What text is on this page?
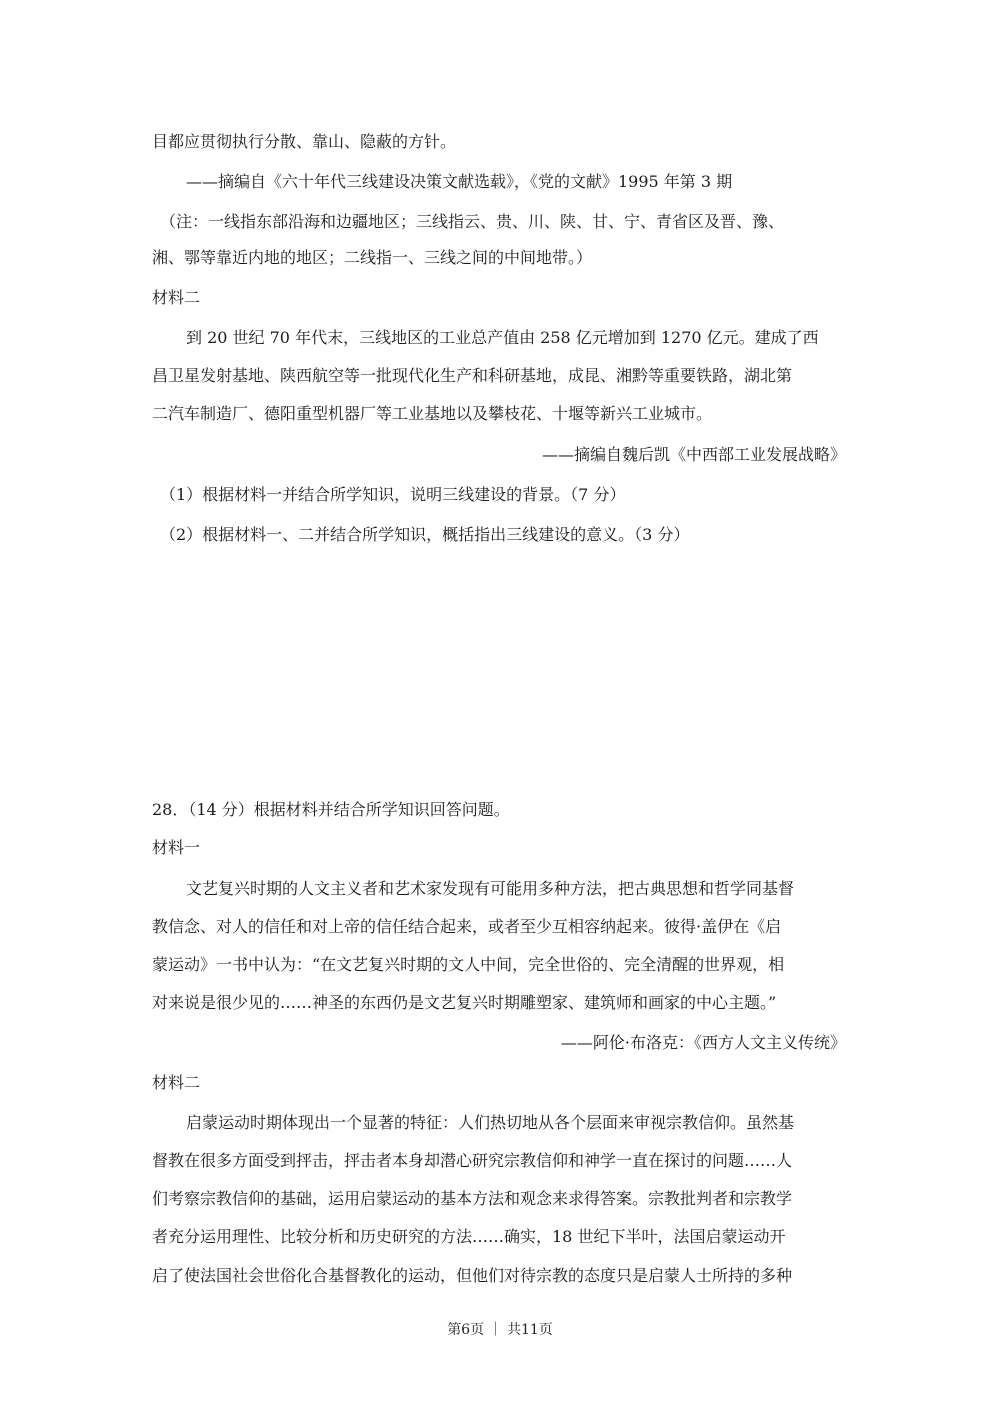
目都应贯彻执行分散、靠山、隐蔽的方针。
——摘编自《六十年代三线建设决策文献选载》，《党的文献》1995 年第 3 期
（注：一线指东部沿海和边疆地区；三线指云、贵、川、陕、甘、宁、青省区及晋、豫、
湘、鄂等靠近内地的地区；二线指一、三线之间的中间地带。）
材料二
到 20 世纪 70 年代末，三线地区的工业总产值由 258 亿元增加到 1270 亿元。建成了西
昌卫星发射基地、陕西航空等一批现代化生产和科研基地，成昆、湘黔等重要铁路，湖北第
二汽车制造厂、德阳重型机器厂等工业基地以及攀枝花、十堰等新兴工业城市。
——摘编自魏后凯《中西部工业发展战略》
（1）根据材料一并结合所学知识，说明三线建设的背景。（7 分）
（2）根据材料一、二并结合所学知识，概括指出三线建设的意义。（3 分）
28．（14 分）根据材料并结合所学知识回答问题。
材料一
文艺复兴时期的人文主义者和艺术家发现有可能用多种方法，把古典思想和哲学同基督
教信念、对人的信任和对上帝的信任结合起来，或者至少互相容纳起来。彼得·盖伊在《启
蒙运动》一书中认为：“在文艺复兴时期的文人中间，完全世俗的、完全清醒的世界观，相
对来说是很少见的……神圣的东西仍是文艺复兴时期雕塑家、建筑师和画家的中心主题。”
——阿伦·布洛克：《西方人文主义传统》
材料二
启蒙运动时期体现出一个显著的特征：人们热切地从各个层面来审视宗教信仰。虽然基
督教在很多方面受到抨击，抨击者本身却潜心研究宗教信仰和神学一直在探讨的问题……人
们考察宗教信仰的基础，运用启蒙运动的基本方法和观念来求得答案。宗教批判者和宗教学
者充分运用理性、比较分析和历史研究的方法……确实，18 世纪下半叶，法国启蒙运动开
启了使法国社会世俗化合基督教化的运动，但他们对待宗教的态度只是启蒙人士所持的多种
第6页 ｜ 共11页
